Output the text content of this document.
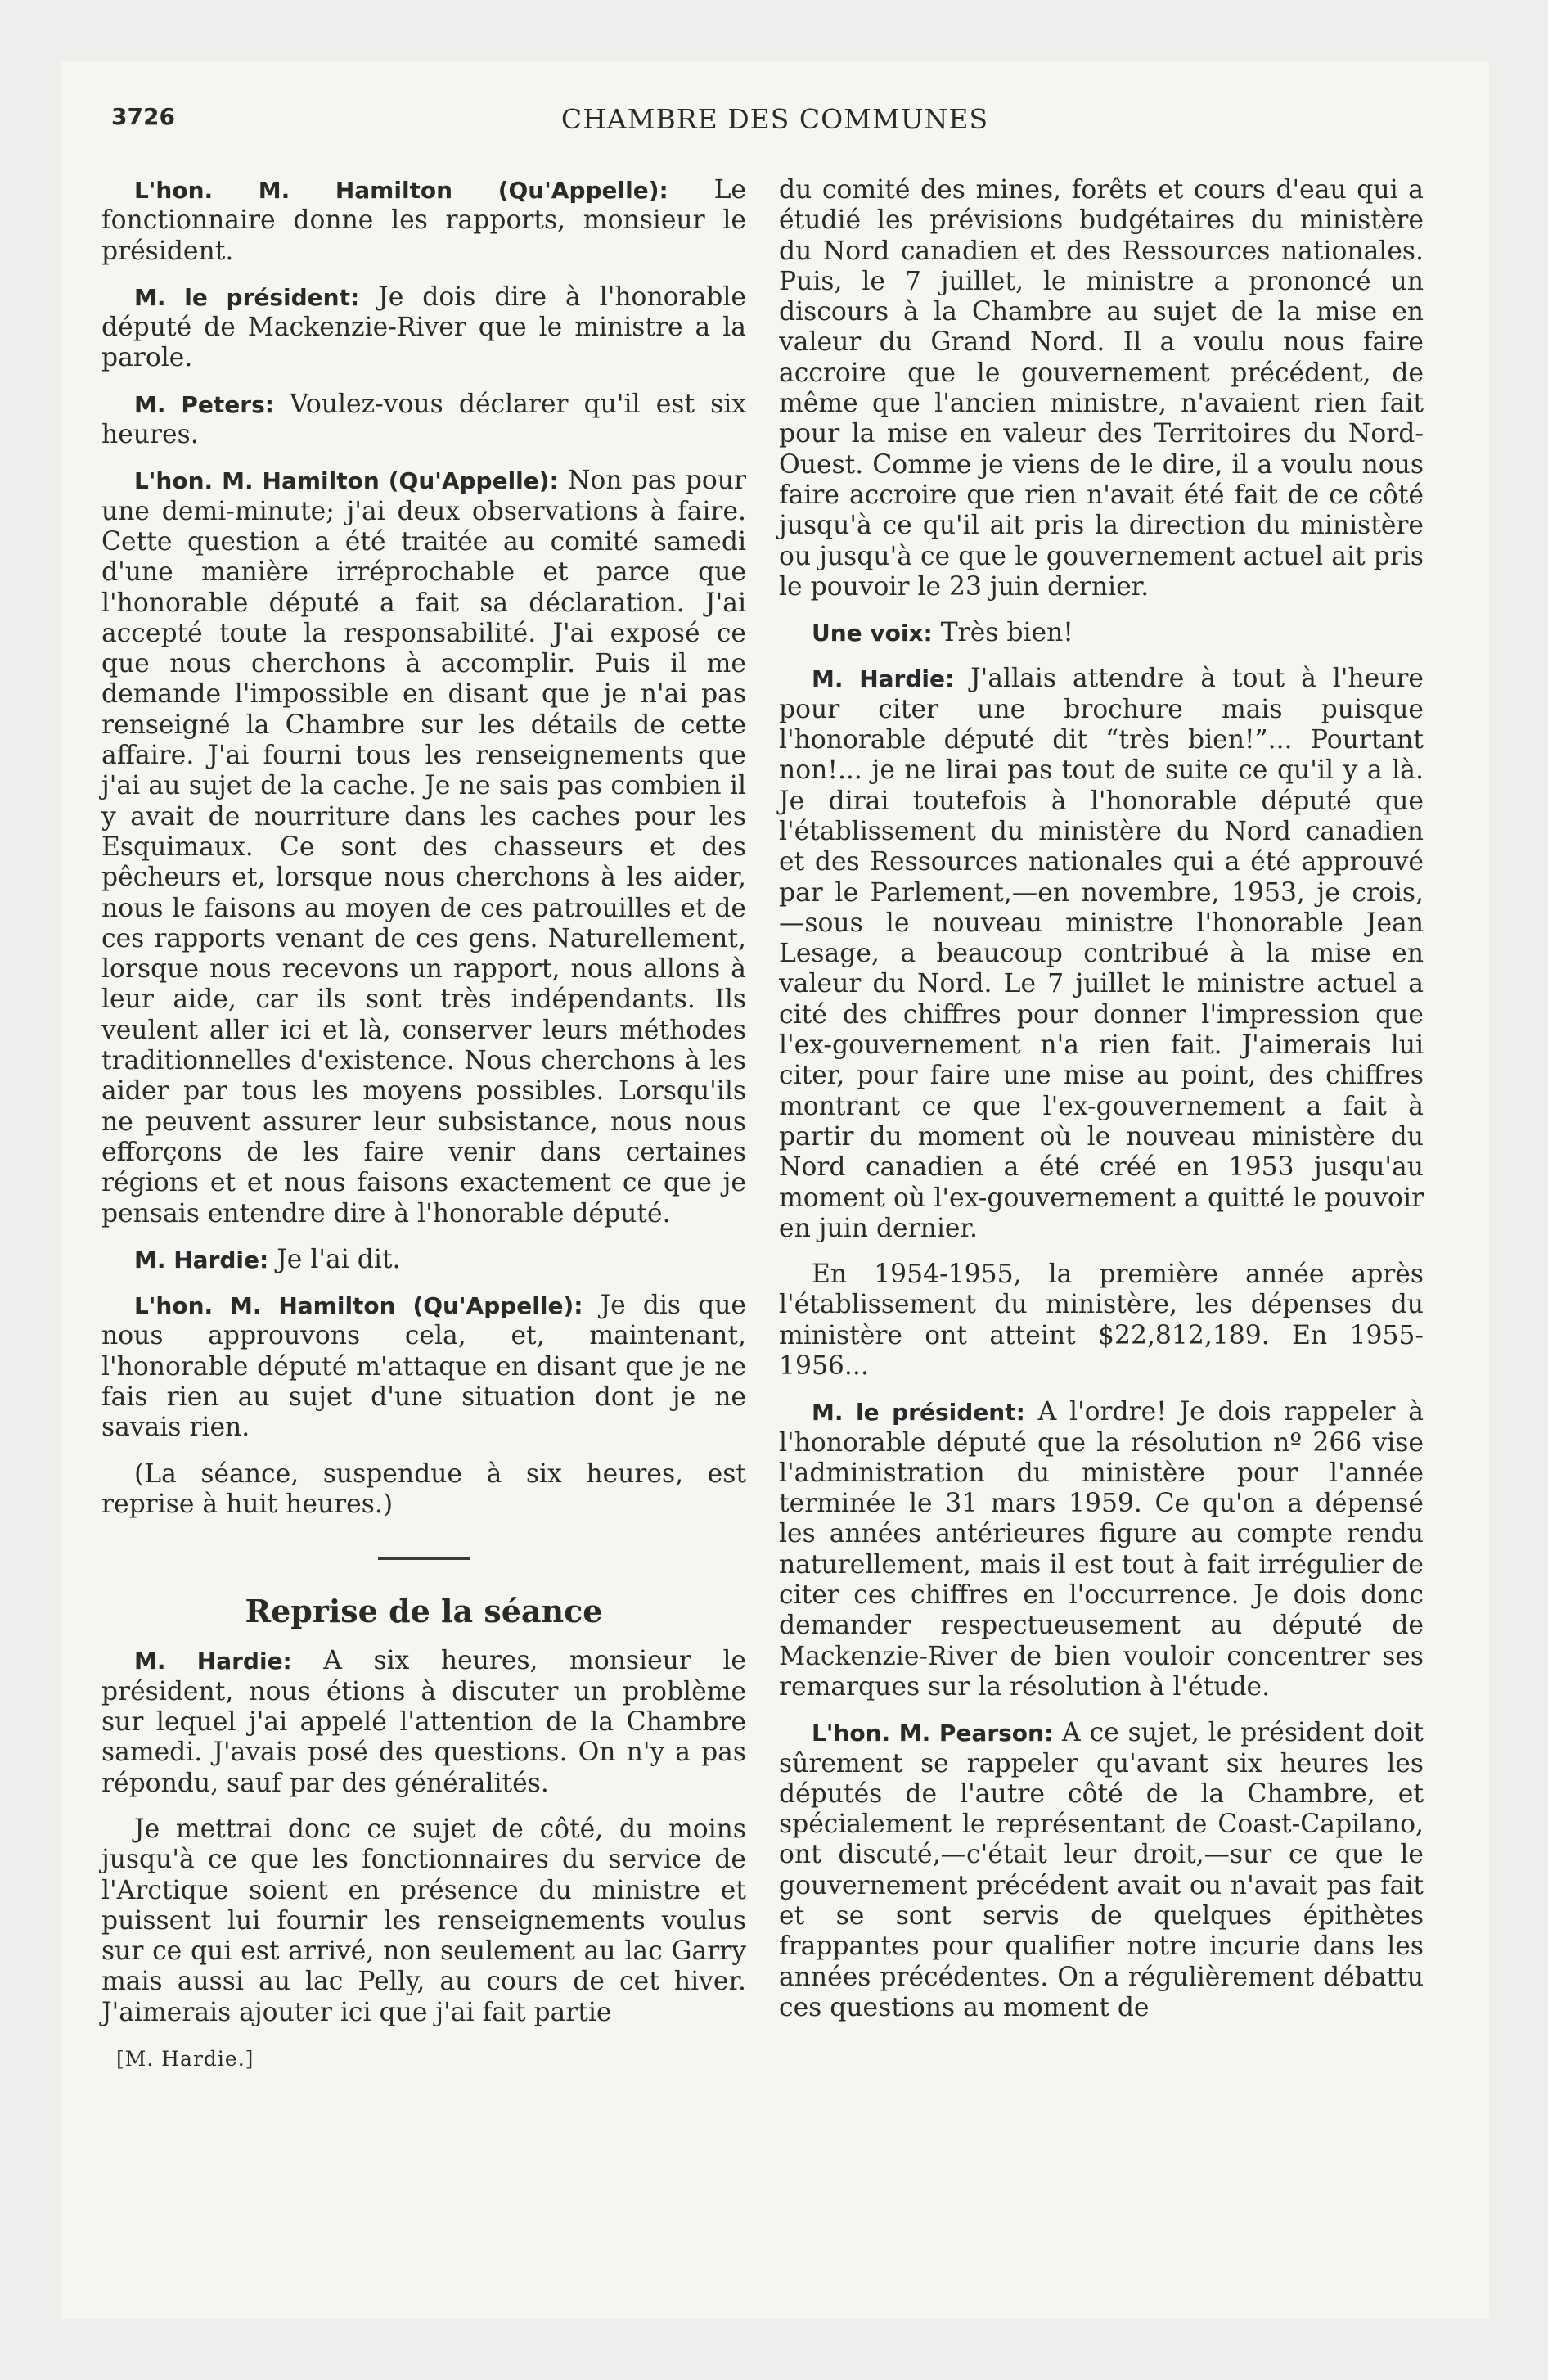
3726	CHAMBRE DES COMMUNES

L'hon. M. Hamilton (Qu'Appelle): Le fonctionnaire donne les rapports, monsieur le président.

M. le président: Je dois dire à l'honorable député de Mackenzie-River que le ministre a la parole.

M. Peters: Voulez-vous déclarer qu'il est six heures.

L'hon. M. Hamilton (Qu'Appelle): Non pas pour une demi-minute; j'ai deux observations à faire. Cette question a été traitée au comité samedi d'une manière irréprochable et parce que l'honorable député a fait sa déclaration. J'ai accepté toute la responsabilité. J'ai exposé ce que nous cherchons à accomplir. Puis il me demande l'impossible en disant que je n'ai pas renseigné la Chambre sur les détails de cette affaire. J'ai fourni tous les renseignements que j'ai au sujet de la cache. Je ne sais pas combien il y avait de nourriture dans les caches pour les Esquimaux. Ce sont des chasseurs et des pêcheurs et, lorsque nous cherchons à les aider, nous le faisons au moyen de ces patrouilles et de ces rapports venant de ces gens. Naturellement, lorsque nous recevons un rapport, nous allons à leur aide, car ils sont très indépendants. Ils veulent aller ici et là, conserver leurs méthodes traditionnelles d'existence. Nous cherchons à les aider par tous les moyens possibles. Lorsqu'ils ne peuvent assurer leur subsistance, nous nous efforçons de les faire venir dans certaines régions et et nous faisons exactement ce que je pensais entendre dire à l'honorable député.

M. Hardie: Je l'ai dit.

L'hon. M. Hamilton (Qu'Appelle): Je dis que nous approuvons cela, et, maintenant, l'honorable député m'attaque en disant que je ne fais rien au sujet d'une situation dont je ne savais rien.

(La séance, suspendue à six heures, est reprise à huit heures.)

Reprise de la séance

M. Hardie: A six heures, monsieur le président, nous étions à discuter un problème sur lequel j'ai appelé l'attention de la Chambre samedi. J'avais posé des questions. On n'y a pas répondu, sauf par des généralités.

Je mettrai donc ce sujet de côté, du moins jusqu'à ce que les fonctionnaires du service de l'Arctique soient en présence du ministre et puissent lui fournir les renseignements voulus sur ce qui est arrivé, non seulement au lac Garry mais aussi au lac Pelly, au cours de cet hiver. J'aimerais ajouter ici que j'ai fait partie

[M. Hardie.]

du comité des mines, forêts et cours d'eau qui a étudié les prévisions budgétaires du ministère du Nord canadien et des Ressources nationales. Puis, le 7 juillet, le ministre a prononcé un discours à la Chambre au sujet de la mise en valeur du Grand Nord. Il a voulu nous faire accroire que le gouvernement précédent, de même que l'ancien ministre, n'avaient rien fait pour la mise en valeur des Territoires du Nord-Ouest. Comme je viens de le dire, il a voulu nous faire accroire que rien n'avait été fait de ce côté jusqu'à ce qu'il ait pris la direction du ministère ou jusqu'à ce que le gouvernement actuel ait pris le pouvoir le 23 juin dernier.

Une voix: Très bien!

M. Hardie: J'allais attendre à tout à l'heure pour citer une brochure mais puisque l'honorable député dit “très bien!”... Pourtant non!... je ne lirai pas tout de suite ce qu'il y a là. Je dirai toutefois à l'honorable député que l'établissement du ministère du Nord canadien et des Ressources nationales qui a été approuvé par le Parlement,—en novembre, 1953, je crois,—sous le nouveau ministre l'honorable Jean Lesage, a beaucoup contribué à la mise en valeur du Nord. Le 7 juillet le ministre actuel a cité des chiffres pour donner l'impression que l'ex-gouvernement n'a rien fait. J'aimerais lui citer, pour faire une mise au point, des chiffres montrant ce que l'ex-gouvernement a fait à partir du moment où le nouveau ministère du Nord canadien a été créé en 1953 jusqu'au moment où l'ex-gouvernement a quitté le pouvoir en juin dernier.

En 1954-1955, la première année après l'établissement du ministère, les dépenses du ministère ont atteint $22,812,189. En 1955-1956...

M. le président: A l'ordre! Je dois rappeler à l'honorable député que la résolution nº 266 vise l'administration du ministère pour l'année terminée le 31 mars 1959. Ce qu'on a dépensé les années antérieures figure au compte rendu naturellement, mais il est tout à fait irrégulier de citer ces chiffres en l'occurrence. Je dois donc demander respectueusement au député de Mackenzie-River de bien vouloir concentrer ses remarques sur la résolution à l'étude.

L'hon. M. Pearson: A ce sujet, le président doit sûrement se rappeler qu'avant six heures les députés de l'autre côté de la Chambre, et spécialement le représentant de Coast-Capilano, ont discuté,—c'était leur droit,—sur ce que le gouvernement précédent avait ou n'avait pas fait et se sont servis de quelques épithètes frappantes pour qualifier notre incurie dans les années précédentes. On a régulièrement débattu ces questions au moment de
